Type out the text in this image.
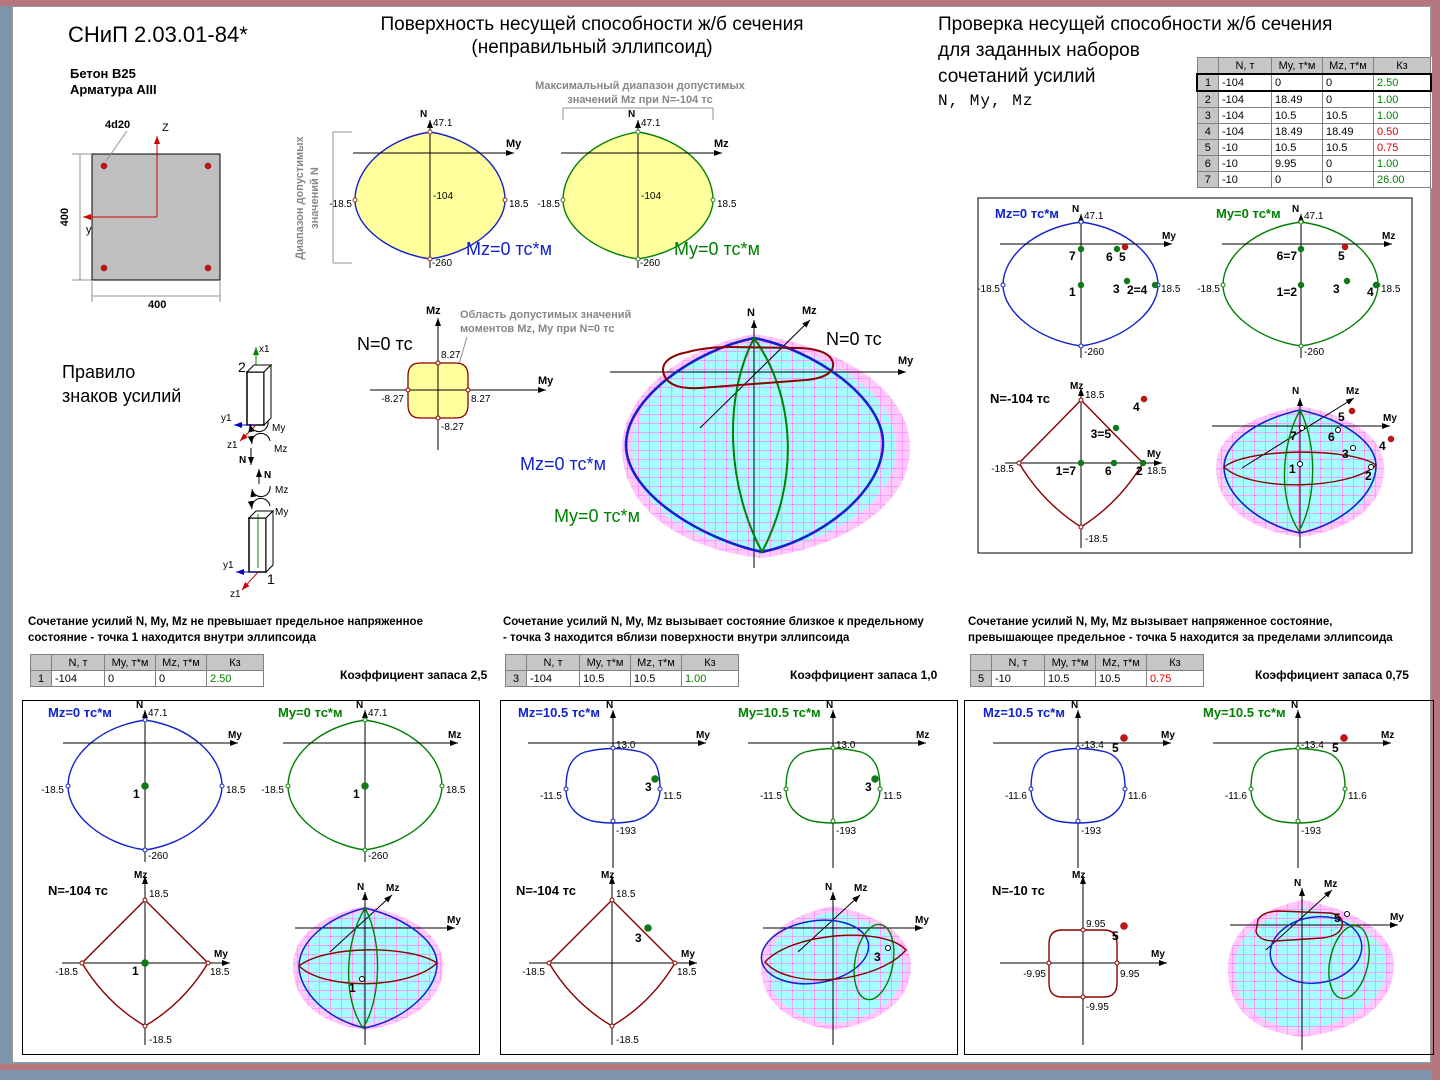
400
400
Z
y
4d20
Диапазон допустимых значений N
N
47.1
My
-18.5	18.5
-104
-260
Mz=0 тс*м
Максимальный диапазон допустимых
значений Mz при N=-104 тс
N
47.1
Mz
-18.5	18.5
-104
-260
My=0 тс*м
Область допустимых значений
моментов Mz, My при N=0 тс
Mz
My
8.27
-8.27	8.27
-8.27
N=0 тс
N
My
Mz
N=0 тс
Mz=0 тс*м
My=0 тс*м
2
x1
y1
z1
My
Mz
N
N
Mz
My
y1
z1
1
Mz=0 тс*м N
47.1
My
-18.5	18.5
-260
7	6 5
1	3 2=4
My=0 тс*м N
47.1
Mz
-18.5	18.5
-260
6=7	5
1=2	3 4
N=-104 тс
Mz
18.5
My
18.5
-18.5
-18.5
4
3=5
1=7 6 2
N
My
Mz
7	6
5
4
3
1	2
Mz=0 тс*м N
47.1
My
-18.5	18.5
-260
1
My=0 тс*м N
47.1
Mz
-18.5	18.5
-260
1
N=-104 тс
Mz
18.5
My
18.5
-18.5
-18.5
1
N
My
Mz
1
Mz=10.5 тс*м N
My
13.0
-11.5	11.5
-193
3
My=10.5 тс*м N
Mz
13.0
-11.5	11.5
-193
3
N=-104 тс
Mz
18.5
My
18.5
-18.5
-18.5
3
N
My
Mz
3
Mz=10.5 тс*м N
My
-13.4
-11.6	11.6
-193
5
My=10.5 тс*м N
Mz
-13.4
-11.6	11.6
-193
5
N=-10 тс
Mz
9.95
My
9.95
-9.95
-9.95
5
N
My
Mz
5
СНиП 2.03.01-84*
Бетон B25
Арматура AIII
Поверхность несущей способности ж/б сечения
(неправильный эллипсоид)
Проверка несущей способности ж/б сечения
для заданных наборов
сочетаний усилий
N, My, Mz
Правило
знаков усилий
	N, т	My, т*м	Mz, т*м	Кз
1	-104	0	0	2.50
2	-104	18.49	0	1.00
3	-104	10.5	10.5	1.00
4	-104	18.49	18.49	0.50
5	-10	10.5	10.5	0.75
6	-10	9.95	0	1.00
7	-10	0	0	26.00
Сочетание усилий N, My, Mz не превышает предельное напряженное
состояние - точка 1 находится внутри эллипсоида
Сочетание усилий N, My, Mz вызывает состояние близкое к предельному
- точка 3 находится вблизи поверхности внутри эллипсоида
Сочетание усилий N, My, Mz вызывает напряженное состояние,
превышающее предельное - точка 5 находится за пределами эллипсоида
	N, т	My, т*м	Mz, т*м	Кз
1	-104	0	0	2.50
	N, т	My, т*м	Mz, т*м	Кз
3	-104	10.5	10.5	1.00
	N, т	My, т*м	Mz, т*м	Кз
5	-10	10.5	10.5	0.75
Коэффициент запаса 2,5	Коэффициент запаса 1,0	Коэффициент запаса 0,75
